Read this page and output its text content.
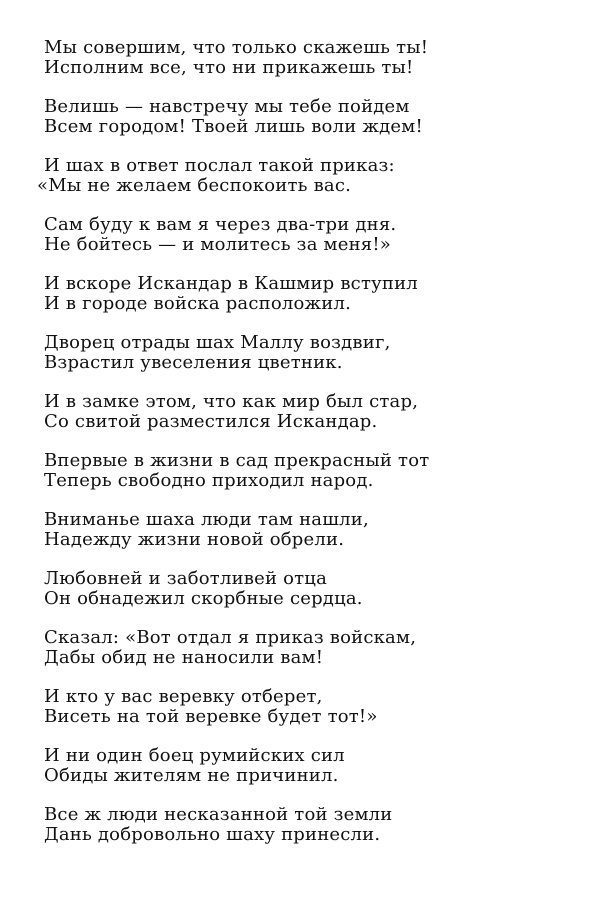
Мы совершим, что только скажешь ты!
Исполним все, что ни прикажешь ты!
Велишь — навстречу мы тебе пойдем
Всем городом! Твоей лишь воли ждем!
И шах в ответ послал такой приказ:
«Мы не желаем беспокоить вас.
Сам буду к вам я через два-три дня.
Не бойтесь — и молитесь за меня!»
И вскоре Искандар в Кашмир вступил
И в городе войска расположил.
Дворец отрады шах Маллу воздвиг,
Взрастил увеселения цветник.
И в замке этом, что как мир был стар,
Со свитой разместился Искандар.
Впервые в жизни в сад прекрасный тот
Теперь свободно приходил народ.
Вниманье шаха люди там нашли,
Надежду жизни новой обрели.
Любовней и заботливей отца
Он обнадежил скорбные сердца.
Сказал: «Вот отдал я приказ войскам,
Дабы обид не наносили вам!
И кто у вас веревку отберет,
Висеть на той веревке будет тот!»
И ни один боец румийских сил
Обиды жителям не причинил.
Все ж люди несказанной той земли
Дань добровольно шаху принесли.
